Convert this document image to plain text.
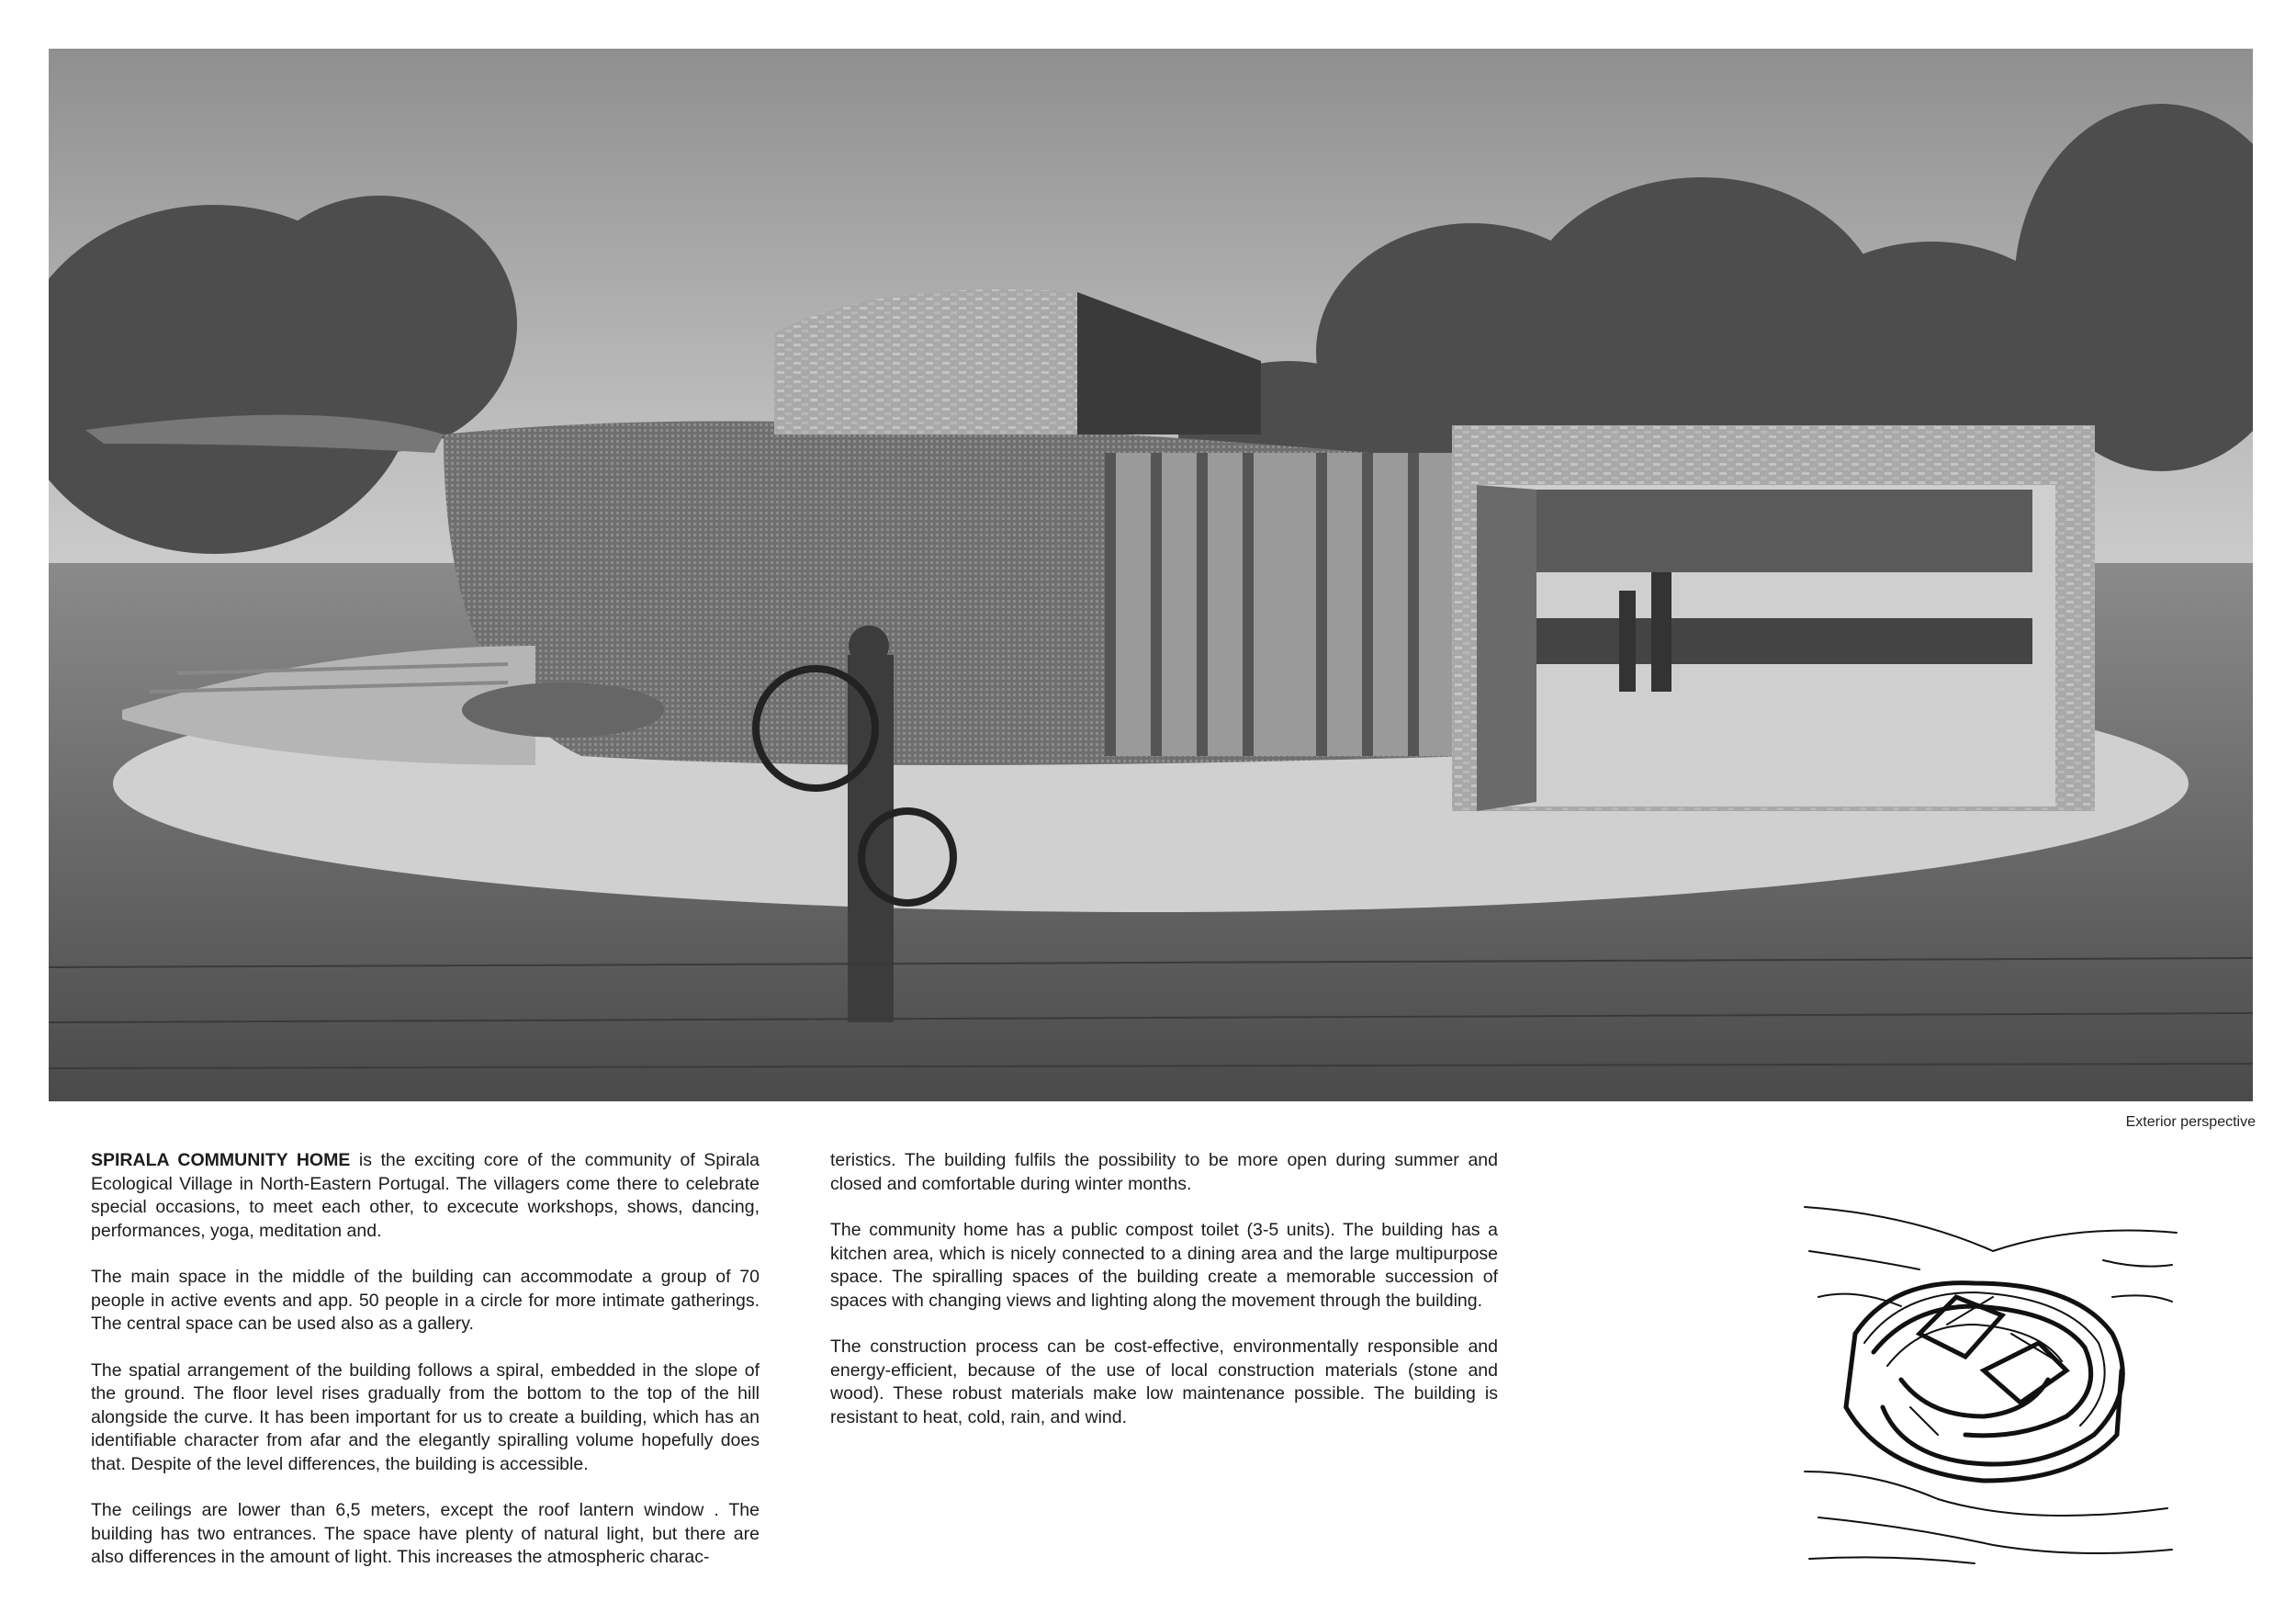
Exterior perspective

SPIRALA COMMUNITY HOME is the exciting core of the community of Spirala Ecological Village in North-Eastern Portugal. The villagers come there to celebrate special occasions, to meet each other, to excecute workshops, shows, dancing, performances, yoga, meditation and.

The main space in the middle of the building can accommodate a group of 70 people in active events and app. 50 people in a circle for more intimate gatherings. The central space can be used also as a gallery.

The spatial arrangement of the building follows a spiral, embedded in the slope of the ground. The floor level rises gradually from the bottom to the top of the hill alongside the curve. It has been important for us to create a building, which has an identifiable character from afar and the elegantly spiralling volume hopefully does that. Despite of the level differences, the building is accessible.

The ceilings are lower than 6,5 meters, except the roof lantern window . The building has two entrances. The space have plenty of natural light, but there are also differences in the amount of light. This increases the atmospheric charac-

teristics. The building fulfils the possibility to be more open during summer and closed and comfortable during winter months.

The community home has a public compost toilet (3-5 units). The building has a kitchen area, which is nicely connected to a dining area and the large multipurpose space. The spiralling spaces of the building create a memorable succession of spaces with changing views and lighting along the movement through the building.

The construction process can be cost-effective, environmentally responsible and energy-efficient, because of the use of local construction materials (stone and wood). These robust materials make low maintenance possible. The building is resistant to heat, cold, rain, and wind.
